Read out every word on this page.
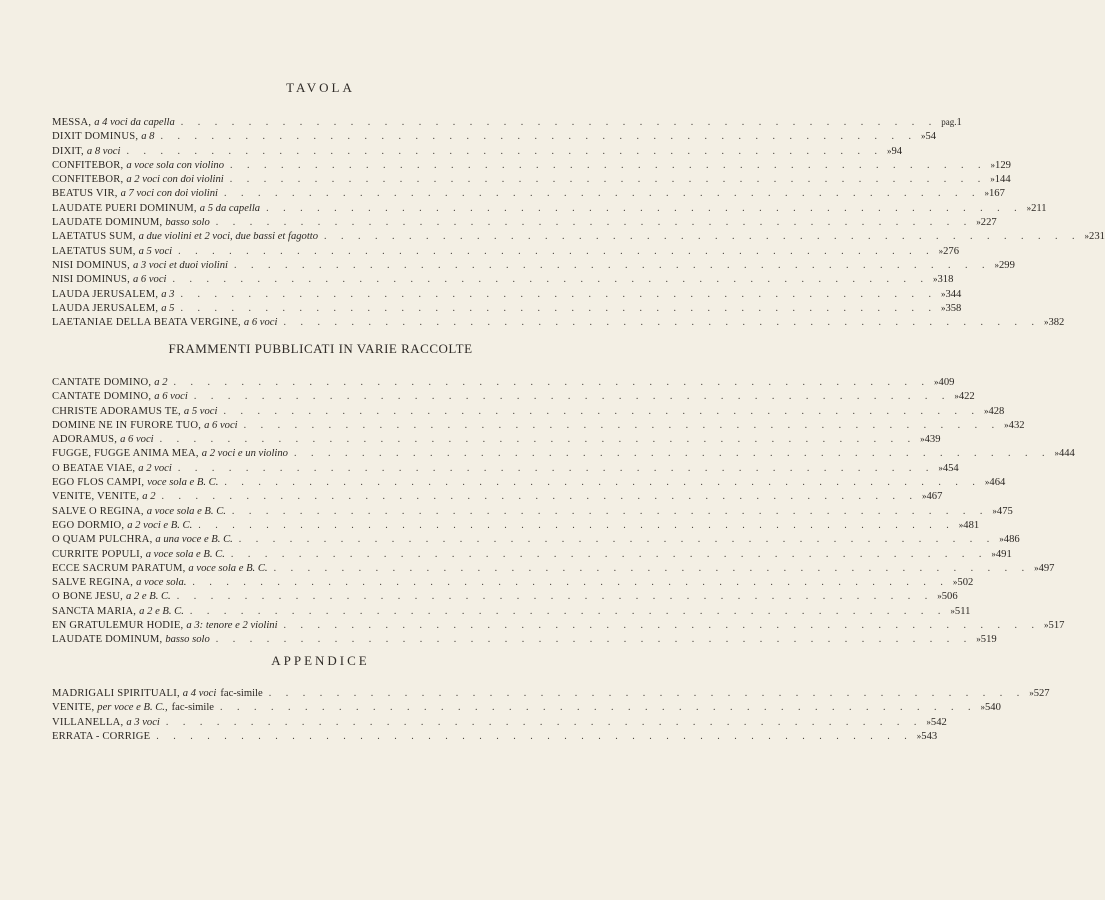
TAVOLA
MESSA, a 4 voci da capella . . . . . . . . . . . . . . . . . . . . . . . . . . . . . . . . . . . . . . . . . . . . . pag. 1
DIXIT DOMINUS, a 8 . . . . . . . . . . . . . . . . . . . . . . . . . . . . . . . . . . . . . . . . . . . . . » 54
DIXIT, a 8 voci . . . . . . . . . . . . . . . . . . . . . . . . . . . . . . . . . . . . . . . . . . . . . » 94
CONFITEBOR, a voce sola con violino . . . . . . . . . . . . . . . . . . . . . . . . . . . . . . . . . . . . . . . . . . . . . » 129
CONFITEBOR, a 2 voci con doi violini . . . . . . . . . . . . . . . . . . . . . . . . . . . . . . . . . . . . . . . . . . . . . » 144
BEATUS VIR, a 7 voci con doi violini . . . . . . . . . . . . . . . . . . . . . . . . . . . . . . . . . . . . . . . . . . . . . » 167
LAUDATE PUERI DOMINUM, a 5 da capella . . . . . . . . . . . . . . . . . . . . . . . . . . . . . . . . . . . . . . . . . . . . . » 211
LAUDATE DOMINUM, basso solo . . . . . . . . . . . . . . . . . . . . . . . . . . . . . . . . . . . . . . . . . . . . . » 227
LAETATUS SUM, a due violini et 2 voci, due bassi et fagotto . . . . . . . . . . . . . . . . . . . . . . . . . . . . . . . . . . . . . . . . . . . . . » 231
LAETATUS SUM, a 5 voci . . . . . . . . . . . . . . . . . . . . . . . . . . . . . . . . . . . . . . . . . . . . . » 276
NISI DOMINUS, a 3 voci et duoi violini . . . . . . . . . . . . . . . . . . . . . . . . . . . . . . . . . . . . . . . . . . . . . » 299
NISI DOMINUS, a 6 voci . . . . . . . . . . . . . . . . . . . . . . . . . . . . . . . . . . . . . . . . . . . . . » 318
LAUDA JERUSALEM, a 3 . . . . . . . . . . . . . . . . . . . . . . . . . . . . . . . . . . . . . . . . . . . . . » 344
LAUDA JERUSALEM, a 5 . . . . . . . . . . . . . . . . . . . . . . . . . . . . . . . . . . . . . . . . . . . . . » 358
LAETANIAE DELLA BEATA VERGINE, a 6 voci . . . . . . . . . . . . . . . . . . . . . . . . . . . . . . . . . . . . . . . . . . . . . » 382
FRAMMENTI PUBBLICATI IN VARIE RACCOLTE
CANTATE DOMINO, a 2 . . . . . . . . . . . . . . . . . . . . . . . . . . . . . . . . . . . . . . . . . . . . . » 409
CANTATE DOMINO, a 6 voci . . . . . . . . . . . . . . . . . . . . . . . . . . . . . . . . . . . . . . . . . . . . . » 422
CHRISTE ADORAMUS TE, a 5 voci . . . . . . . . . . . . . . . . . . . . . . . . . . . . . . . . . . . . . . . . . . . . . » 428
DOMINE NE IN FURORE TUO, a 6 voci . . . . . . . . . . . . . . . . . . . . . . . . . . . . . . . . . . . . . . . . . . . . . » 432
ADORAMUS, a 6 voci . . . . . . . . . . . . . . . . . . . . . . . . . . . . . . . . . . . . . . . . . . . . . » 439
FUGGE, FUGGE ANIMA MEA, a 2 voci e un violino . . . . . . . . . . . . . . . . . . . . . . . . . . . . . . . . . . . . . . . . . . . . . » 444
O BEATAE VIAE, a 2 voci . . . . . . . . . . . . . . . . . . . . . . . . . . . . . . . . . . . . . . . . . . . . . » 454
EGO FLOS CAMPI, voce sola e B. C. . . . . . . . . . . . . . . . . . . . . . . . . . . . . . . . . . . . . . . . . . . . . . » 464
VENITE, VENITE, a 2 . . . . . . . . . . . . . . . . . . . . . . . . . . . . . . . . . . . . . . . . . . . . . » 467
SALVE O REGINA, a voce sola e B. C. . . . . . . . . . . . . . . . . . . . . . . . . . . . . . . . . . . . . . . . . . . . . . » 475
EGO DORMIO, a 2 voci e B. C. . . . . . . . . . . . . . . . . . . . . . . . . . . . . . . . . . . . . . . . . . . . . . » 481
O QUAM PULCHRA, a una voce e B. C. . . . . . . . . . . . . . . . . . . . . . . . . . . . . . . . . . . . . . . . . . . . . . » 486
CURRITE POPULI, a voce sola e B. C. . . . . . . . . . . . . . . . . . . . . . . . . . . . . . . . . . . . . . . . . . . . . . » 491
ECCE SACRUM PARATUM, a voce sola e B. C. . . . . . . . . . . . . . . . . . . . . . . . . . . . . . . . . . . . . . . . . . . . . . » 497
SALVE REGINA, a voce sola. . . . . . . . . . . . . . . . . . . . . . . . . . . . . . . . . . . . . . . . . . . . . . » 502
O BONE JESU, a 2 e B. C. . . . . . . . . . . . . . . . . . . . . . . . . . . . . . . . . . . . . . . . . . . . . . » 506
SANCTA MARIA, a 2 e B. C. . . . . . . . . . . . . . . . . . . . . . . . . . . . . . . . . . . . . . . . . . . . . . » 511
EN GRATULEMUR HODIE, a 3: tenore e 2 violini . . . . . . . . . . . . . . . . . . . . . . . . . . . . . . . . . . . . . . . . . . . . . » 517
LAUDATE DOMINUM, basso solo . . . . . . . . . . . . . . . . . . . . . . . . . . . . . . . . . . . . . . . . . . . . . » 519
APPENDICE
MADRIGALI SPIRITUALI, a 4 voci fac-simile . . . . . . . . . . . . . . . . . . . . . . . . . . . . . . . . . . . . . . . . . . . . . » 527
VENITE, per voce e B. C., fac-simile . . . . . . . . . . . . . . . . . . . . . . . . . . . . . . . . . . . . . . . . . . . . . » 540
VILLANELLA, a 3 voci . . . . . . . . . . . . . . . . . . . . . . . . . . . . . . . . . . . . . . . . . . . . . » 542
ERRATA - CORRIGE . . . . . . . . . . . . . . . . . . . . . . . . . . . . . . . . . . . . . . . . . . . . . » 543
